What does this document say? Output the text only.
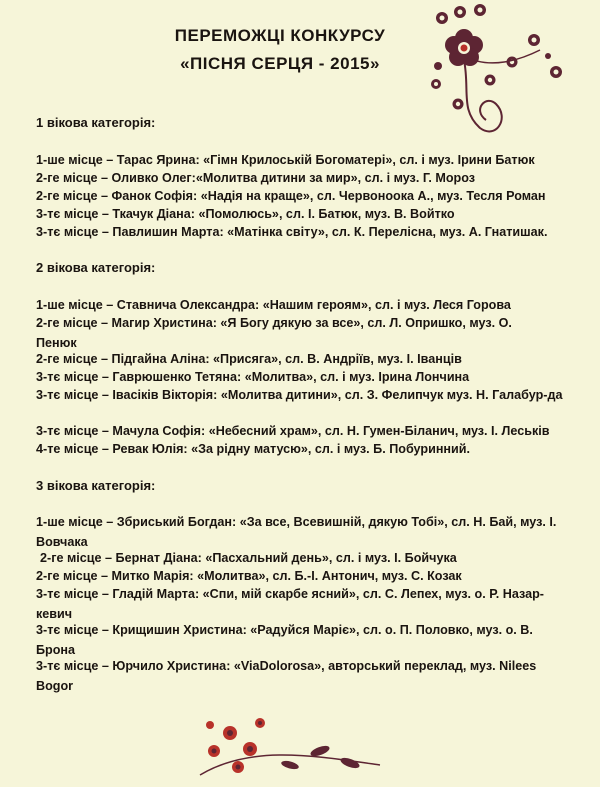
ПЕРЕМОЖЦІ КОНКУРСУ
«ПІСНЯ СЕРЦЯ - 2015»
1 вікова категорія:
1-ше місце – Тарас Ярина: «Гімн Крилоській Богоматері», сл. і муз. Ірини Батюк
2-ге місце – Оливко Олег:«Молитва дитини за мир», сл. і муз. Г. Мороз
2-ге місце – Фанок Софія: «Надія на краще», сл. Червоноока А., муз. Тесля Роман
3-тє місце – Ткачук Діана: «Помолюсь», сл. І. Батюк, муз. В. Войтко
3-тє місце – Павлишин Марта: «Матінка світу», сл. К. Перелісна, муз. А. Гнатишак.
2 вікова категорія:
1-ше місце – Ставнича Олександра: «Нашим героям», сл. і муз. Леся Горова
2-ге місце – Магир Христина: «Я Богу дякую за все», сл. Л. Опришко, муз. О. Пенюк
2-ге місце – Підгайна Аліна: «Присяга», сл. В. Андріїв, муз. І. Іванців
3-тє місце – Гаврюшенко Тетяна: «Молитва», сл. і муз. Ірина Лончина
3-тє місце – Івасіків Вікторія: «Молитва дитини», сл. З. Фелипчук муз. Н. Галабур-да
3-тє місце – Мачула Софія: «Небесний храм», сл. Н. Гумен-Біланич, муз. І. Леськів
4-те місце – Ревак Юлія: «За рідну матусю», сл. і муз. Б. Побуринний.
3 вікова категорія:
1-ше місце – Збриський Богдан: «За все, Всевишній, дякую Тобі», сл. Н. Бай, муз. І. Вовчака
2-ге місце – Бернат Діана: «Пасхальний день», сл. і муз. І. Бойчука
2-ге місце – Митко Марія: «Молитва», сл. Б.-І. Антонич, муз. С. Козак
3-тє місце – Гладій Марта: «Спи, мій скарбе ясний», сл. С. Лепех, муз. о. Р. Назар-кевич
3-тє місце – Крищишин Христина: «Радуйся Маріє», сл. о. П. Половко, муз. о. В. Брона
3-тє місце – Юрчило Христина: «ViaDolorosa», авторський переклад, муз. Nilees Bogor
